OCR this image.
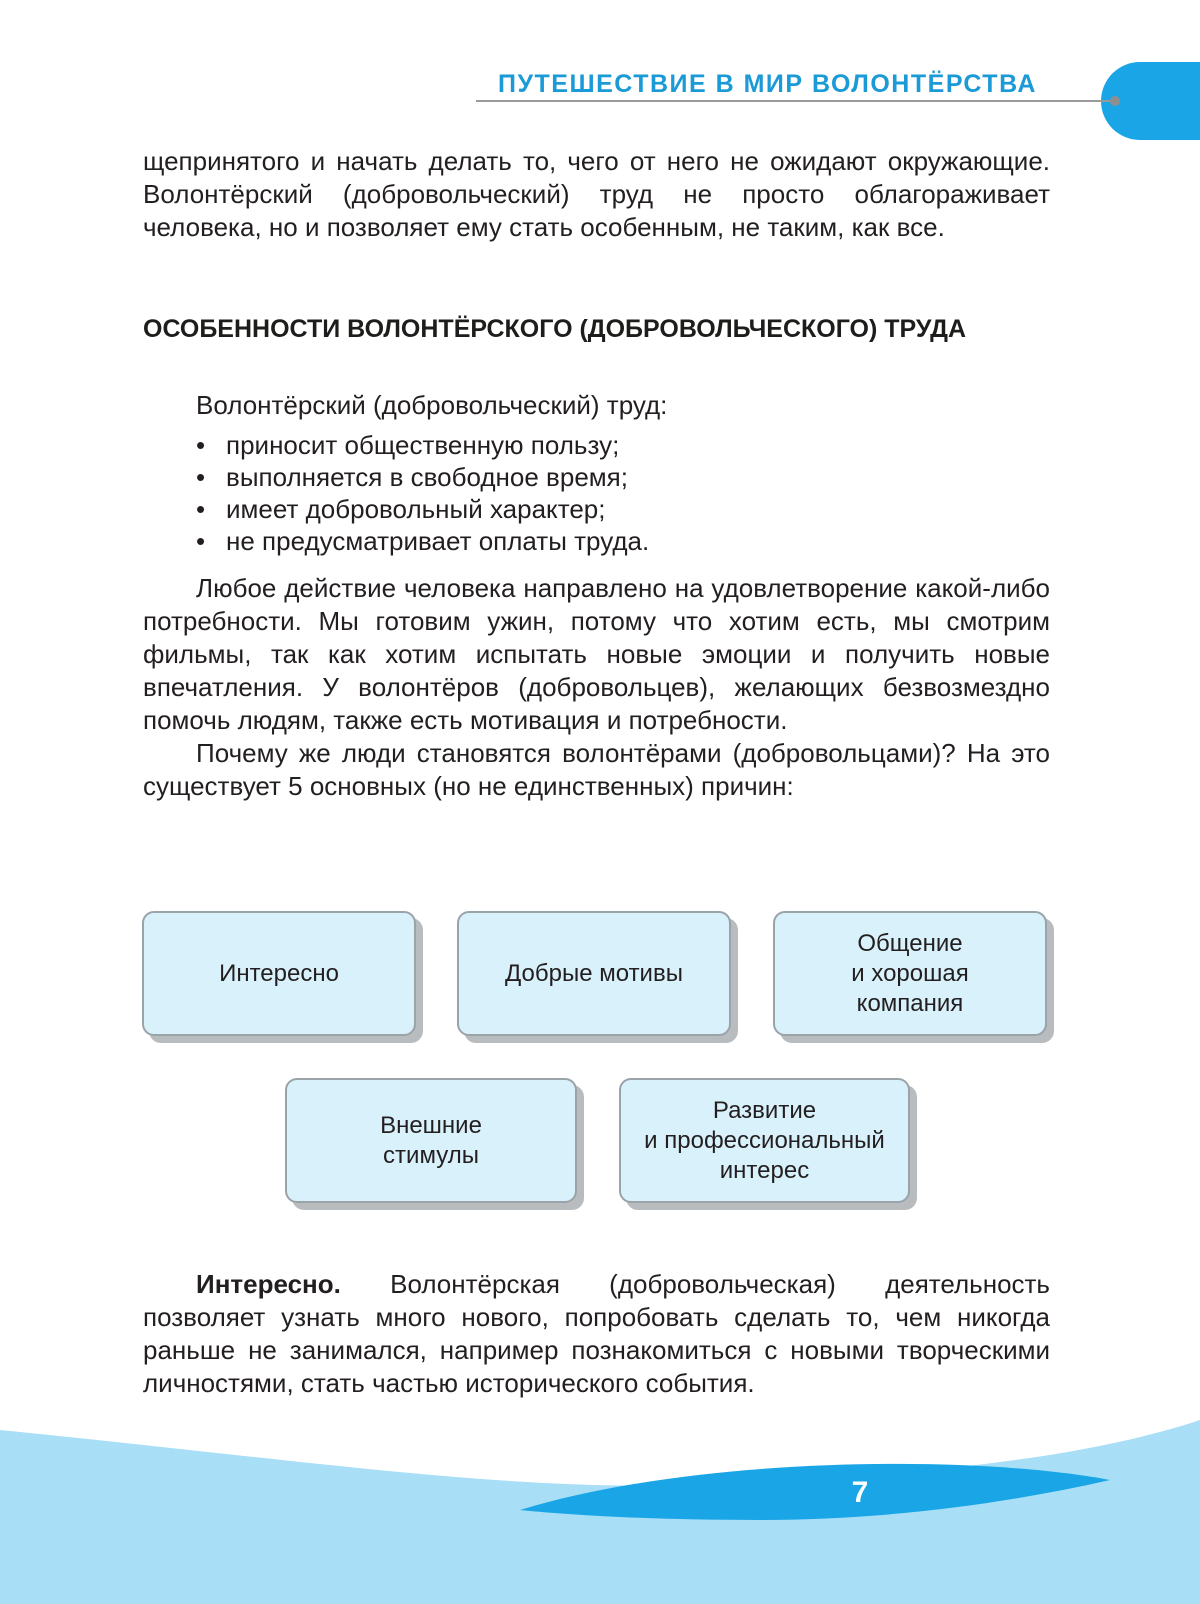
ПУТЕШЕСТВИЕ В МИР ВОЛОНТЁРСТВА
щепринятого и начать делать то, чего от него не ожидают окружающие. Волонтёрский (добровольческий) труд не просто облагораживает человека, но и позволяет ему стать особенным, не таким, как все.
ОСОБЕННОСТИ ВОЛОНТЁРСКОГО (ДОБРОВОЛЬЧЕСКОГО) ТРУДА
Волонтёрский (добровольческий) труд:
• приносит общественную пользу;
• выполняется в свободное время;
• имеет добровольный характер;
• не предусматривает оплаты труда.

Любое действие человека направлено на удовлетворение какой-либо потребности. Мы готовим ужин, потому что хотим есть, мы смотрим фильмы, так как хотим испытать новые эмоции и получить новые впечатления. У волонтёров (добровольцев), желающих безвозмездно помочь людям, также есть мотивация и потребности.

Почему же люди становятся волонтёрами (добровольцами)? На это существует 5 основных (но не единственных) причин:

Интересно	Добрые мотивы
Общение
и хорошая
компания
Внешние
стимулы
Развитие
и профессиональный
интерес
Интересно. Волонтёрская (добровольческая) деятельность позволяет узнать много нового, попробовать сделать то, чем никогда раньше не занимался, например познакомиться с новыми творческими личностями, стать частью исторического события.
7
